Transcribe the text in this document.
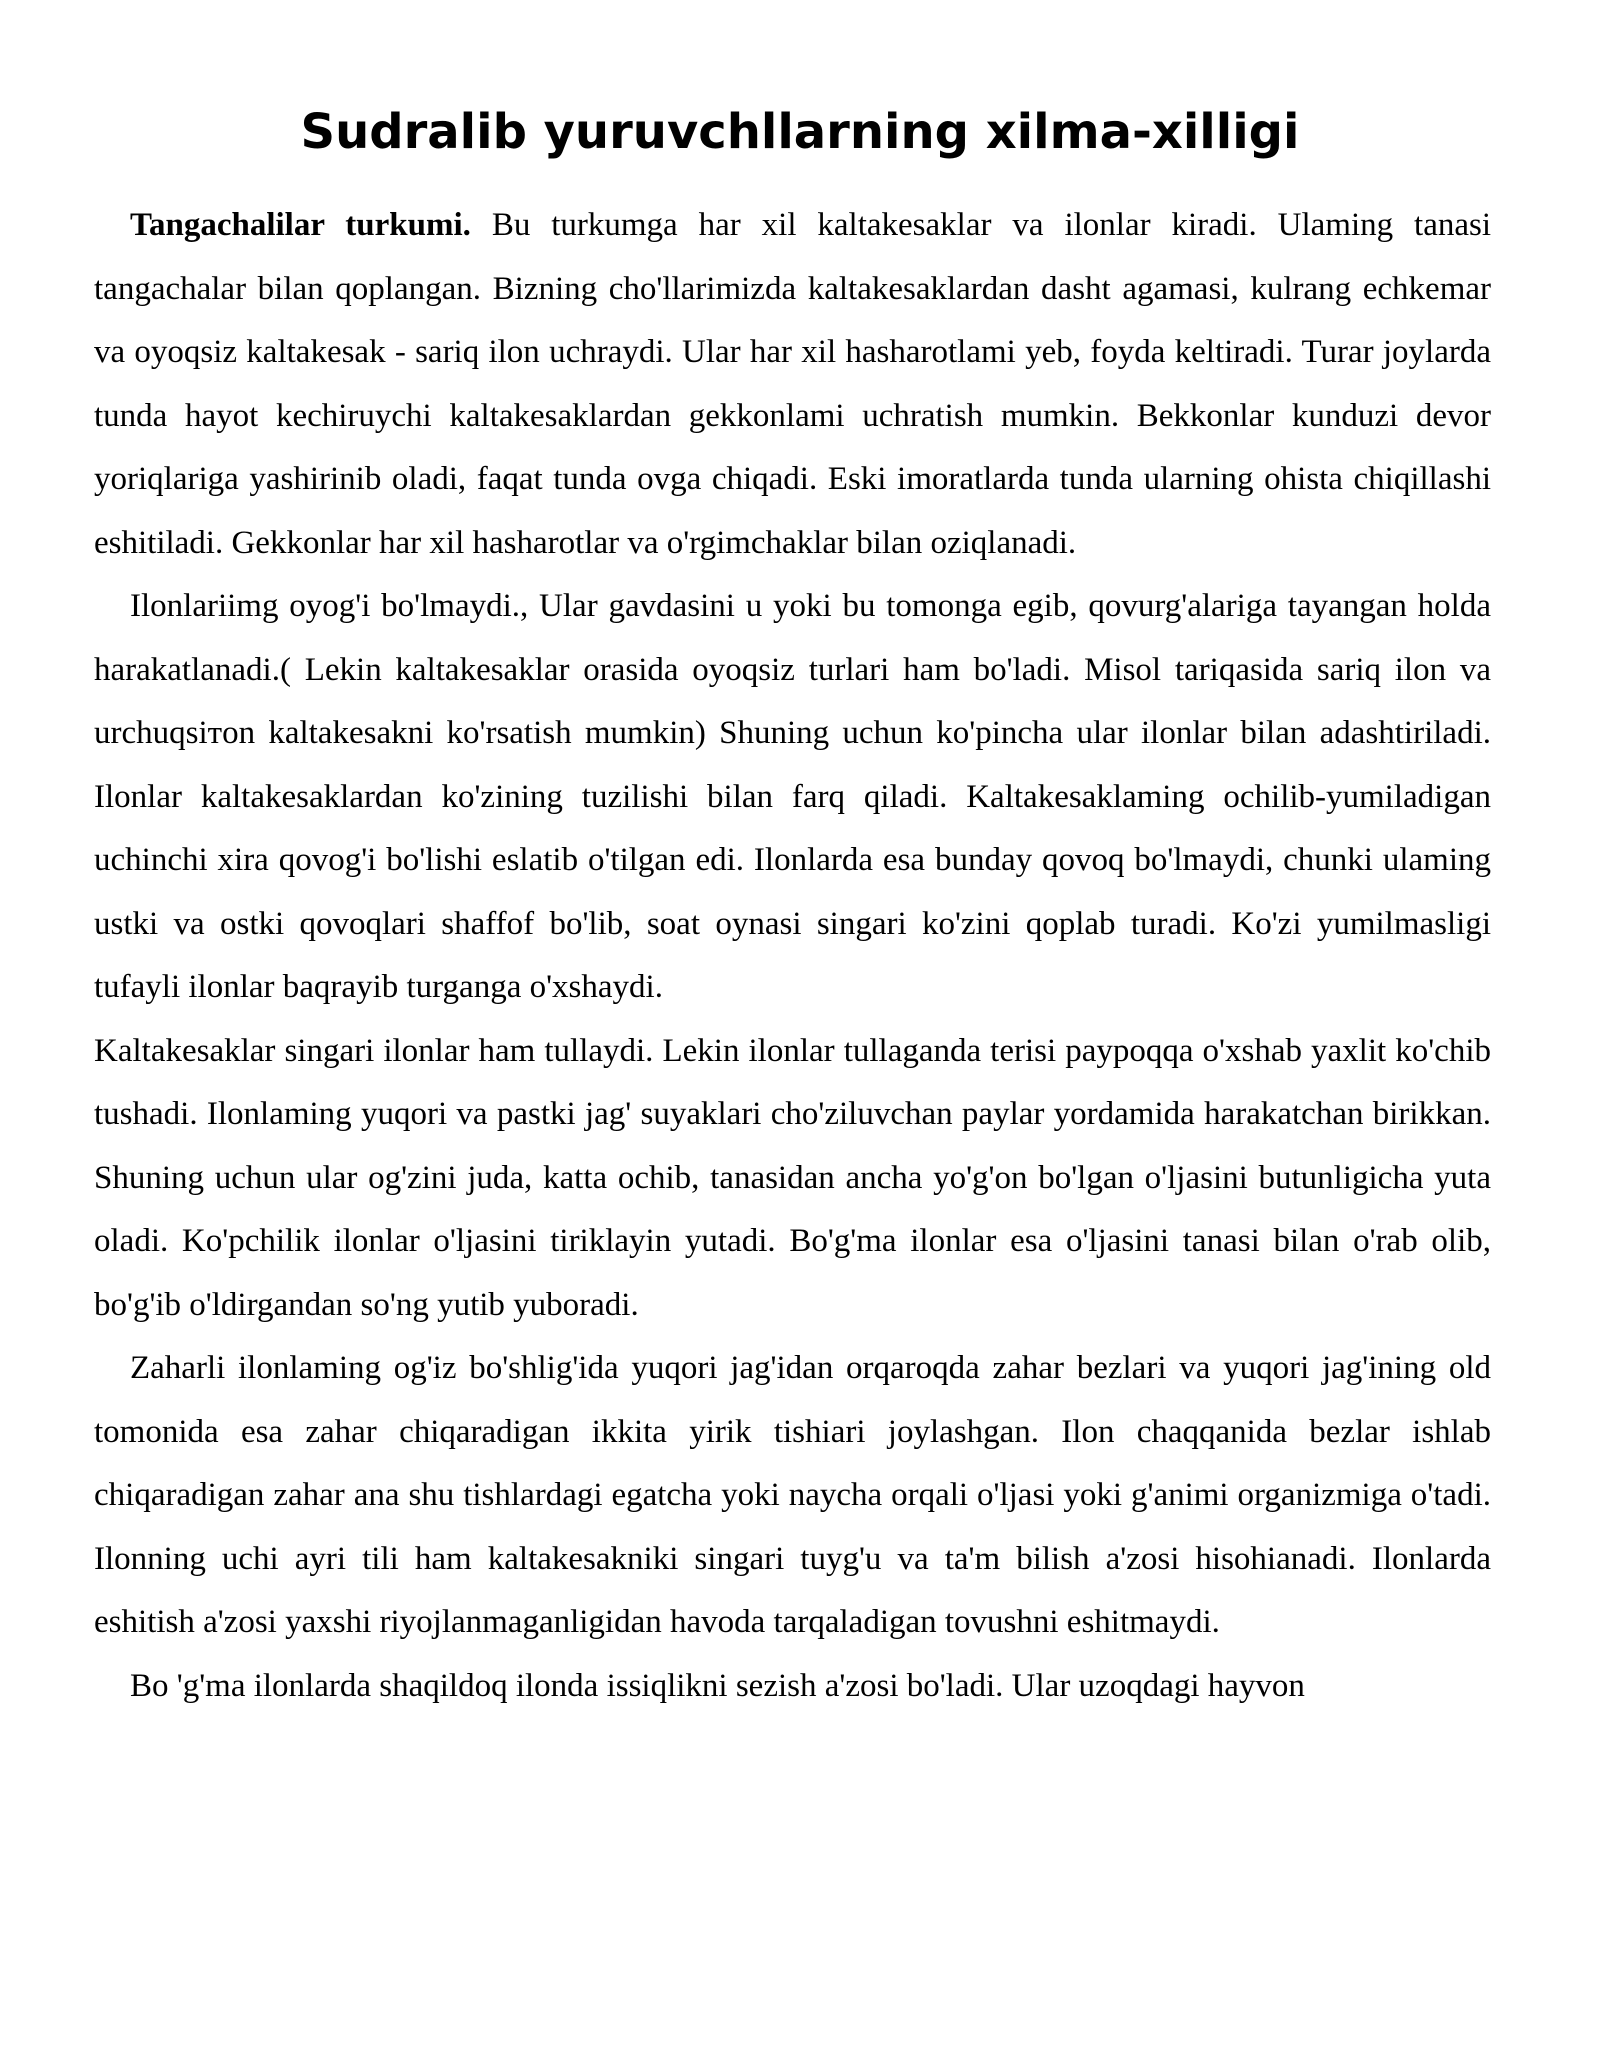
Sudralib yuruvchllarning xilma-xilligi

Tangachalilar turkumi. Bu turkumga har xil kaltakesaklar va ilonlar kiradi. Ulaming tanasi tangachalar bilan qoplangan. Bizning cho'llarimizda kaltakesaklardan dasht agamasi, kulrang echkemar va oyoqsiz kaltakesak - sariq ilon uchraydi. Ular har xil hasharotlami yeb, foyda keltiradi. Turar joylarda tunda hayot kechiruychi kaltakesaklardan gekkonlami uchratish mumkin. Bekkonlar kunduzi devor yoriqlariga yashirinib oladi, faqat tunda ovga chiqadi. Eski imoratlarda tunda ularning ohista chiqillashi eshitiladi. Gekkonlar har xil hasharotlar va o'rgimchaklar bilan oziqlanadi.

Ilonlariimg oyog'i bo'lmaydi., Ular gavdasini u yoki bu tomonga egib, qovurg'alariga tayangan holda harakatlanadi.( Lekin kaltakesaklar orasida oyoqsiz turlari ham bo'ladi. Misol tariqasida sariq ilon va urchuqsiтon kaltakesakni ko'rsatish mumkin) Shuning uchun ko'pincha ular ilonlar bilan adashtiriladi. Ilonlar kaltakesaklardan ko'zining tuzilishi bilan farq qiladi. Kaltakesaklaming ochilib-yumiladigan uchinchi xira qovog'i bo'lishi eslatib o'tilgan edi. Ilonlarda esa bunday qovoq bo'lmaydi, chunki ulaming ustki va ostki qovoqlari shaffof bo'lib, soat oynasi singari ko'zini qoplab turadi. Ko'zi yumilmasligi tufayli ilonlar baqrayib turganga o'xshaydi.

Kaltakesaklar singari ilonlar ham tullaydi. Lekin ilonlar tullaganda terisi paypoqqa o'xshab yaxlit ko'chib tushadi. Ilonlaming yuqori va pastki jag' suyaklari cho'ziluvchan paylar yordamida harakatchan birikkan. Shuning uchun ular og'zini juda, katta ochib, tanasidan ancha yo'g'on bo'lgan o'ljasini butunligicha yuta oladi. Ko'pchilik ilonlar o'ljasini tiriklayin yutadi. Bo'g'ma ilonlar esa o'ljasini tanasi bilan o'rab olib, bo'g'ib o'ldirgandan so'ng yutib yuboradi.

Zaharli ilonlaming og'iz bo'shlig'ida yuqori jag'idan orqaroqda zahar bezlari va yuqori jag'ining old tomonida esa zahar chiqaradigan ikkita yirik tishiari joylashgan. Ilon chaqqanida bezlar ishlab chiqaradigan zahar ana shu tishlardagi egatcha yoki naycha orqali o'ljasi yoki g'animi organizmiga o'tadi. Ilonning uchi ayri tili ham kaltakesakniki singari tuyg'u va ta'm bilish a'zosi hisohianadi. Ilonlarda eshitish a'zosi yaxshi riyojlanmaganligidan havoda tarqaladigan tovushni eshitmaydi.

Bo 'g'ma ilonlarda shaqildoq ilonda issiqlikni sezish a'zosi bo'ladi. Ular uzoqdagi hayvon
